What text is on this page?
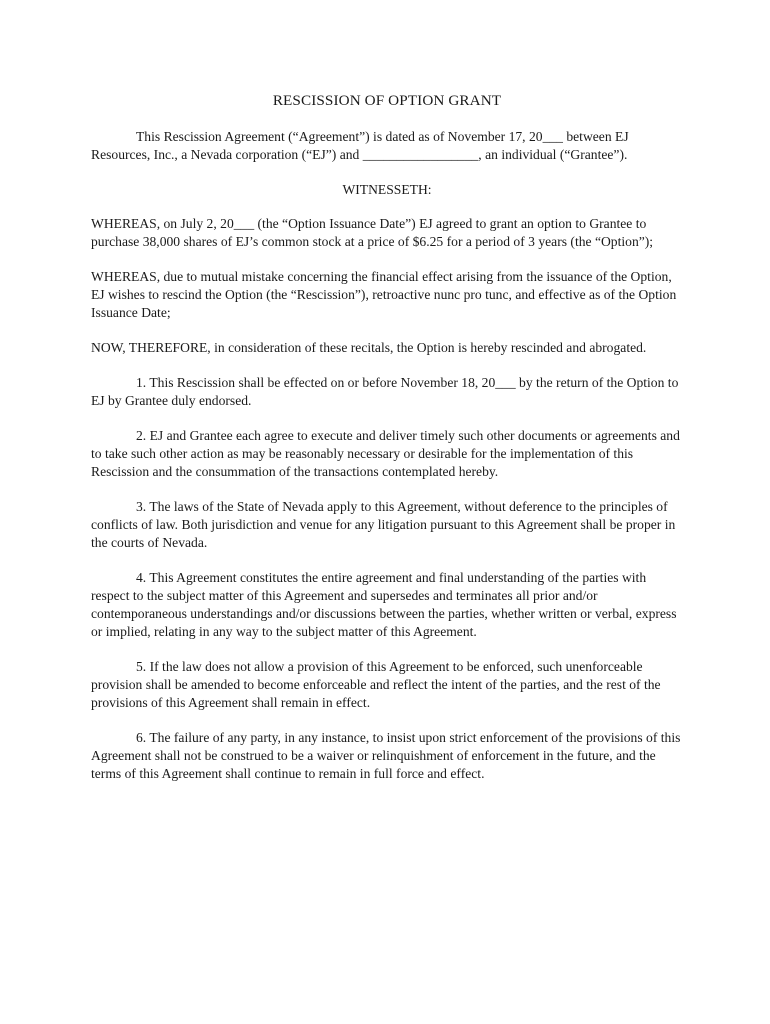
RESCISSION OF OPTION GRANT

This Rescission Agreement (“Agreement”) is dated as of November 17, 20___ between EJ Resources, Inc., a Nevada corporation (“EJ”) and _________________, an individual (“Grantee”).

WITNESSETH:

WHEREAS, on July 2, 20___ (the “Option Issuance Date”) EJ agreed to grant an option to Grantee to purchase 38,000 shares of EJ’s common stock at a price of $6.25 for a period of 3 years (the “Option”);

WHEREAS, due to mutual mistake concerning the financial effect arising from the issuance of the Option, EJ wishes to rescind the Option (the “Rescission”), retroactive nunc pro tunc, and effective as of the Option Issuance Date;

NOW, THEREFORE, in consideration of these recitals, the Option is hereby rescinded and abrogated.

1. This Rescission shall be effected on or before November 18, 20___ by the return of the Option to EJ by Grantee duly endorsed.

2. EJ and Grantee each agree to execute and deliver timely such other documents or agreements and to take such other action as may be reasonably necessary or desirable for the implementation of this Rescission and the consummation of the transactions contemplated hereby.

3. The laws of the State of Nevada apply to this Agreement, without deference to the principles of conflicts of law. Both jurisdiction and venue for any litigation pursuant to this Agreement shall be proper in the courts of Nevada.

4. This Agreement constitutes the entire agreement and final understanding of the parties with respect to the subject matter of this Agreement and supersedes and terminates all prior and/or contemporaneous understandings and/or discussions between the parties, whether written or verbal, express or implied, relating in any way to the subject matter of this Agreement.

5. If the law does not allow a provision of this Agreement to be enforced, such unenforceable provision shall be amended to become enforceable and reflect the intent of the parties, and the rest of the provisions of this Agreement shall remain in effect.

6. The failure of any party, in any instance, to insist upon strict enforcement of the provisions of this Agreement shall not be construed to be a waiver or relinquishment of enforcement in the future, and the terms of this Agreement shall continue to remain in full force and effect.
